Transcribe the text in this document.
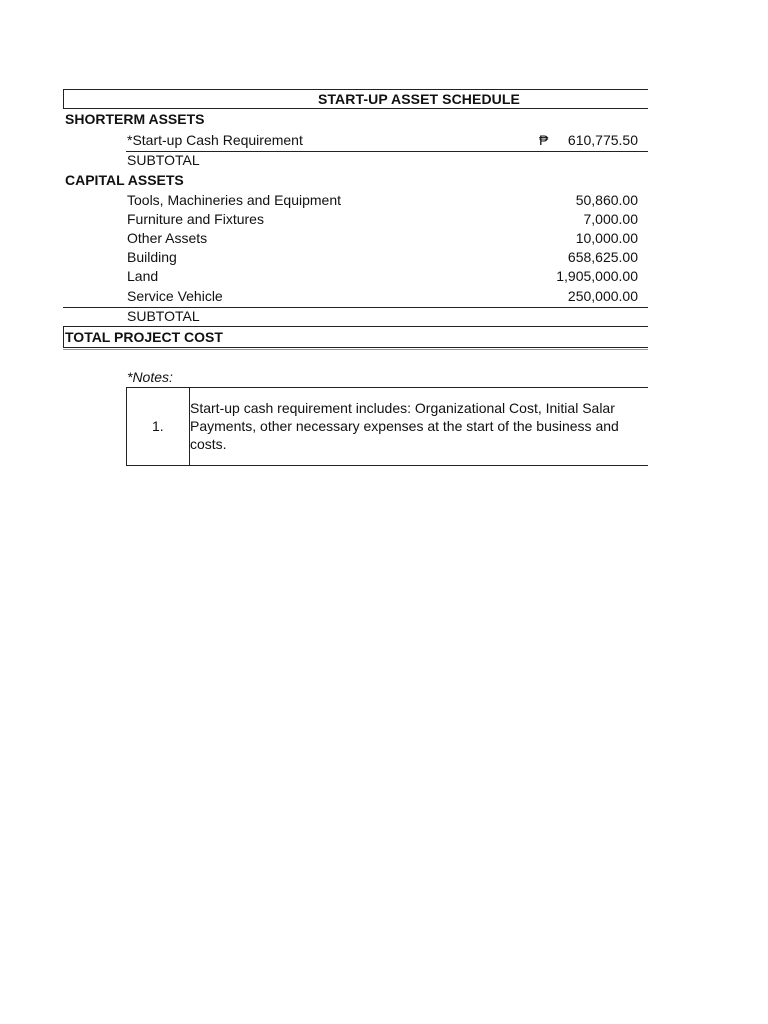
START-UP ASSET SCHEDULE
SHORTERM ASSETS
*Start-up Cash Requirement	₱ 610,775.50
SUBTOTAL
CAPITAL ASSETS
Tools, Machineries and Equipment	50,860.00
Furniture and Fixtures	7,000.00
Other Assets	10,000.00
Building	658,625.00
Land	1,905,000.00
Service Vehicle	250,000.00
SUBTOTAL
TOTAL PROJECT COST
*Notes:
1.
Start-up cash requirement includes: Organizational Cost, Initial Salar
Payments, other necessary expenses at the start of the business and
costs.
